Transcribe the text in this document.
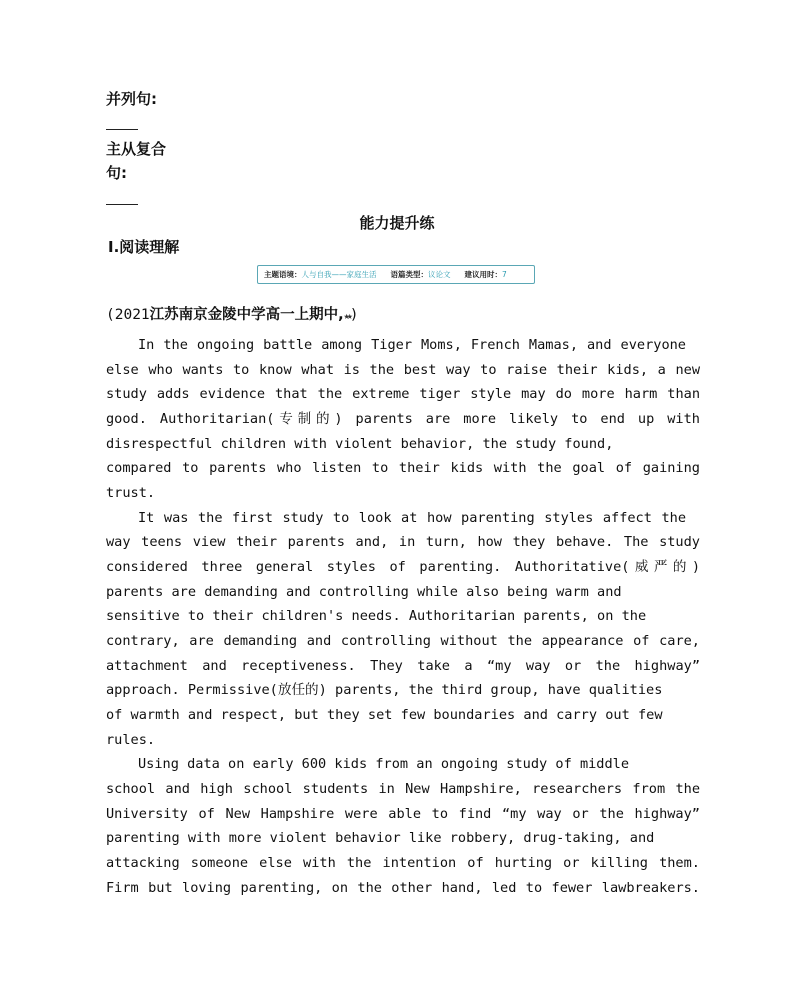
并列句:
主从复合
句:
能力提升练
Ⅰ.阅读理解
主题语境： 人与自我——家庭生活 语篇类型： 议论文 建议用时： 7
(2021江苏南京金陵中学高一上期中,★★)
In the ongoing battle among Tiger Moms, French Mamas, and everyone
else who wants to know what is the best way to raise their kids, a new
study adds evidence that the extreme tiger style may do more harm than
good. Authoritarian(专制的) parents are more likely to end up with
disrespectful children with violent behavior, the study found,
compared to parents who listen to their kids with the goal of gaining
trust.
It was the first study to look at how parenting styles affect the
way teens view their parents and, in turn, how they behave. The study
considered three general styles of parenting. Authoritative(威严的)
parents are demanding and controlling while also being warm and
sensitive to their children's needs. Authoritarian parents, on the
contrary, are demanding and controlling without the appearance of care,
attachment and receptiveness. They take a “my way or the highway”
approach. Permissive(放任的) parents, the third group, have qualities
of warmth and respect, but they set few boundaries and carry out few
rules.
Using data on early 600 kids from an ongoing study of middle
school and high school students in New Hampshire, researchers from the
University of New Hampshire were able to find “my way or the highway”
parenting with more violent behavior like robbery, drug-taking, and
attacking someone else with the intention of hurting or killing them.
Firm but loving parenting, on the other hand, led to fewer lawbreakers.
